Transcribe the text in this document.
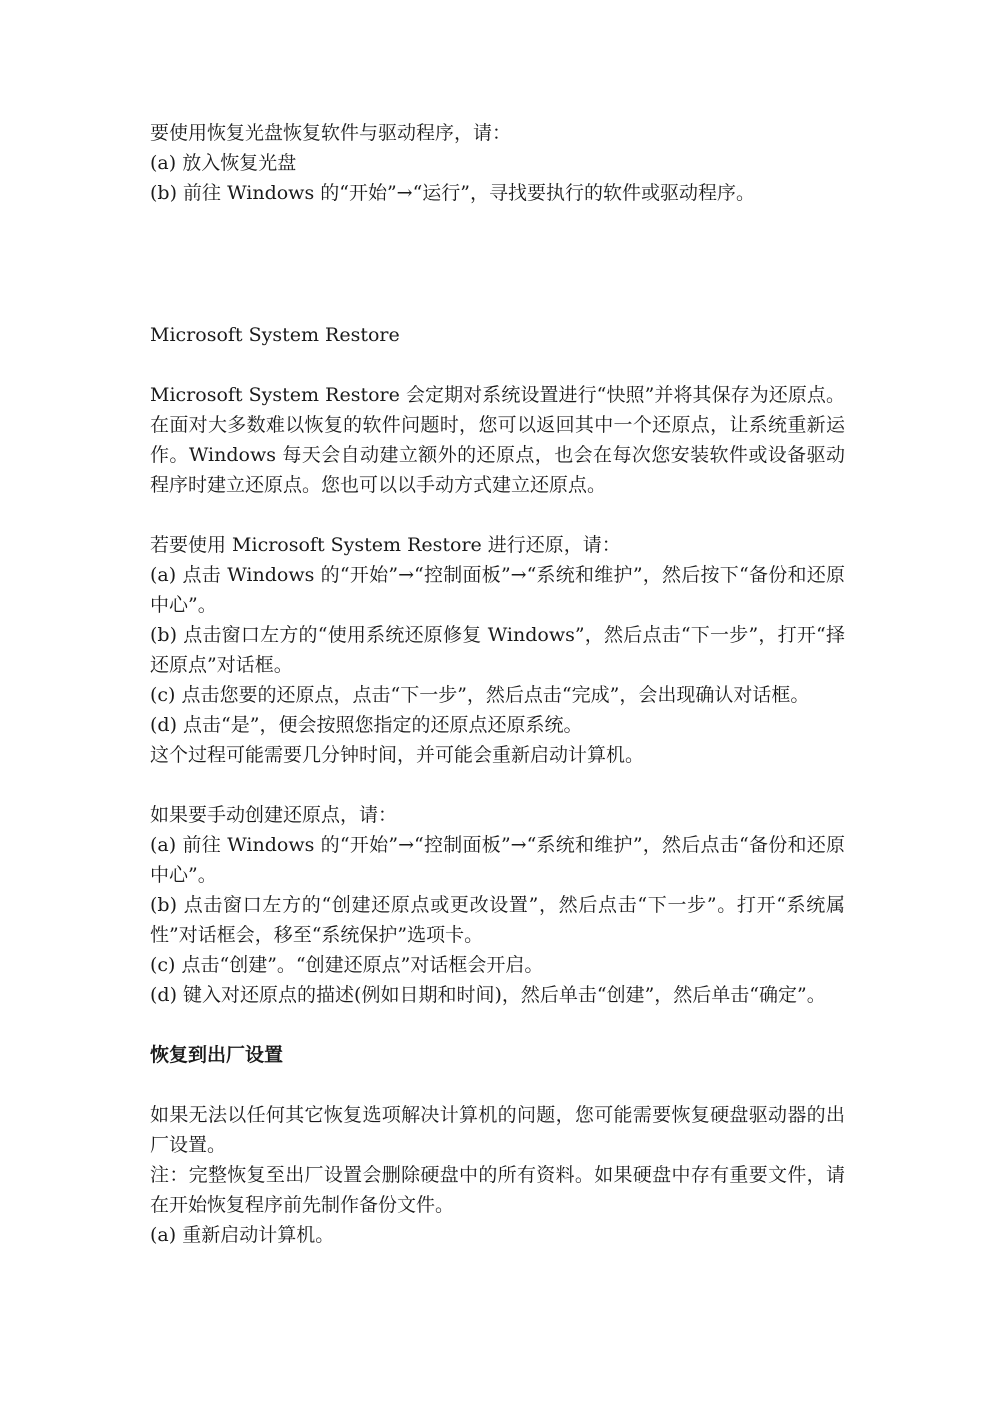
要使用恢复光盘恢复软件与驱动程序，请：

(a) 放入恢复光盘

(b) 前往 Windows 的“开始”→“运行”，寻找要执行的软件或驱动程序。

Microsoft System Restore

Microsoft System Restore 会定期对系统设置进行“快照”并将其保存为还原点。在面对大多数难以恢复的软件问题时，您可以返回其中一个还原点，让系统重新运作。Windows 每天会自动建立额外的还原点，也会在每次您安装软件或设备驱动程序时建立还原点。您也可以以手动方式建立还原点。

若要使用 Microsoft System Restore 进行还原，请：

(a) 点击 Windows 的“开始”→“控制面板”→“系统和维护”，然后按下“备份和还原中心”。

(b) 点击窗口左方的“使用系统还原修复 Windows”，然后点击“下一步”，打开“择还原点”对话框。

(c) 点击您要的还原点，点击“下一步”，然后点击“完成”，会出现确认对话框。

(d) 点击“是”，便会按照您指定的还原点还原系统。

这个过程可能需要几分钟时间，并可能会重新启动计算机。

如果要手动创建还原点，请：

(a) 前往 Windows 的“开始”→“控制面板”→“系统和维护”，然后点击“备份和还原中心”。

(b) 点击窗口左方的“创建还原点或更改设置”，然后点击“下一步”。打开“系统属性”对话框会，移至“系统保护”选项卡。

(c) 点击“创建”。“创建还原点”对话框会开启。

(d) 键入对还原点的描述(例如日期和时间)，然后单击“创建”，然后单击“确定”。

恢复到出厂设置

如果无法以任何其它恢复选项解决计算机的问题，您可能需要恢复硬盘驱动器的出厂设置。

注：完整恢复至出厂设置会删除硬盘中的所有资料。如果硬盘中存有重要文件，请在开始恢复程序前先制作备份文件。

(a) 重新启动计算机。
